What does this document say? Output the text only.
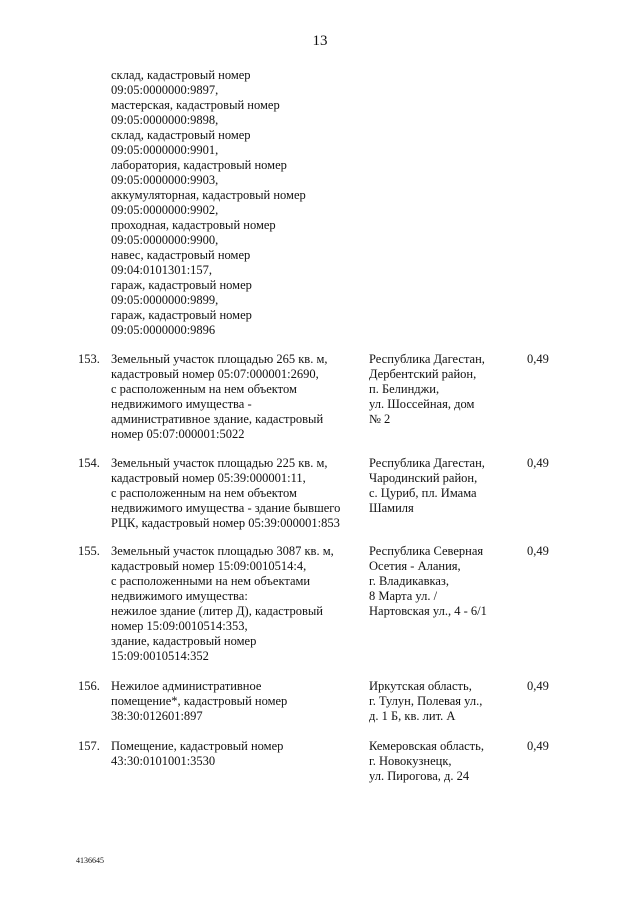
13
склад, кадастровый номер
09:05:0000000:9897,
мастерская, кадастровый номер
09:05:0000000:9898,
склад, кадастровый номер
09:05:0000000:9901,
лаборатория, кадастровый номер
09:05:0000000:9903,
аккумуляторная, кадастровый номер
09:05:0000000:9902,
проходная, кадастровый номер
09:05:0000000:9900,
навес, кадастровый номер
09:04:0101301:157,
гараж, кадастровый номер
09:05:0000000:9899,
гараж, кадастровый номер
09:05:0000000:9896
153. Земельный участок площадью 265 кв. м,
кадастровый номер 05:07:000001:2690,
с расположенным на нем объектом
недвижимого имущества -
административное здание, кадастровый
номер 05:07:000001:5022
Республика Дагестан,
Дербентский район,
п. Белинджи,
ул. Шоссейная, дом
№ 2
0,49
154. Земельный участок площадью 225 кв. м,
кадастровый номер 05:39:000001:11,
с расположенным на нем объектом
недвижимого имущества - здание бывшего
РЦК, кадастровый номер 05:39:000001:853
Республика Дагестан,
Чародинский район,
с. Цуриб, пл. Имама
Шамиля
0,49
155. Земельный участок площадью 3087 кв. м,
кадастровый номер 15:09:0010514:4,
с расположенными на нем объектами
недвижимого имущества:
нежилое здание (литер Д), кадастровый
номер 15:09:0010514:353,
здание, кадастровый номер
15:09:0010514:352
Республика Северная
Осетия - Алания,
г. Владикавказ,
8 Марта ул. /
Нартовская ул., 4 - 6/1
0,49
156. Нежилое административное
помещение*, кадастровый номер
38:30:012601:897
Иркутская область,
г. Тулун, Полевая ул.,
д. 1 Б, кв. лит. А
0,49
157. Помещение, кадастровый номер
43:30:0101001:3530
Кемеровская область,
г. Новокузнецк,
ул. Пирогова, д. 24
0,49
4136645
